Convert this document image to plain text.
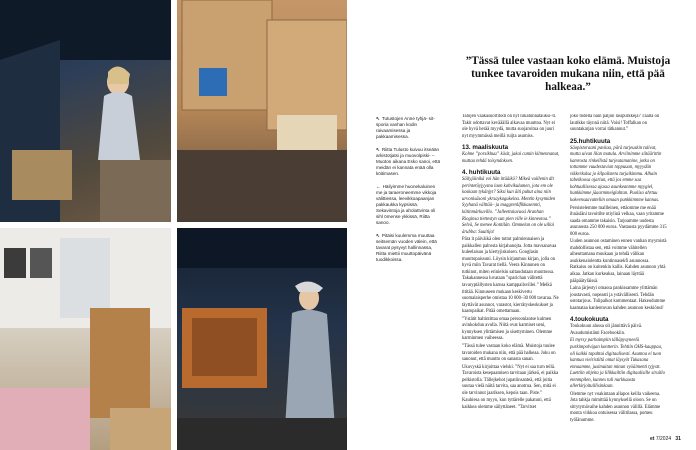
↖︎ Tutustojen Anne tyhjä- sit- sporia vanhan kodin raivaamisessa ja pakkaamisessa.
↖︎ Riitta Tulusto kuivuu itseään arkistotjatsi ja muovolpiski- – Muoton aikana Esko sanoi, että meidän ei kannata enää olla köitimasen.
← Häilyimme huonekaluinen me ja taraeroneemme vikkoja välittiessa, leevikkoapaanjan pakkaukka kypsissä. Sekavintoja ja aholattvinta oli sihl ömense ykkissä, Riitta sanoo.
↖︎ Pitäisi kuulemma muuttaa seitsemän vuoden välein, että tavarat pysyvyt hallinnassa, Riitta miettii muuttopäivänä tuodikkoissa.
”Tässä tulee vastaan koko elämä. Muistoja tunkee tavaroiden mukana niin, että pää halkeaa.”

Talojen vaakasuortitodi on nyt liikatunnatauksi–ti. Takit odottavat kevääällä alkavaa muuttoa. Nyt ei ole hyvä herää myydä, mutta suojaroitua on juuri nyt myymmässä meillä ruijta asumiss.

13. maaliskuuta

Kolme ”porsikhuu” käsit, jakai cumin kilmennanut, muttaa tehdä toisyndoksen.

4. huhtikuuta

Säilyjäinikä voi hän ittääikö? Mikeä vuillenin dit perintetöyjyysnu laon kahvikulumen, jota em ole koskaan tykänjyt? Siksi kun äiti puhut aina niin urvonisäsoni ykrsaykogukeina. Mentin kysymiden Syyhanä välttää– ja maggrenlifikkasennti, kiitinmärkuvillo. ”Jalleettaiuvussi Aranhan Rioginsa tiettestyn sun pien ville ie kinneotoa.” Selvä, Se menee Kontilän. Ommelan on ole uillai ärubba: Suuitija!

Pära it päiväikä olen tuttut palmiennaisen ja paikkallen palrosta kirjahanojta. Jotta mavsanavaa kuleelaisuu ja kiertyjiskoisen. Googlasin muuttopaissuni. Löysin kirjanmuu kirjan, jolla on hyvä miin Tavarat tiellä. Veera Kinnunen on tutkinut, miten erinielsin saltaudutaan muuttossa. Takakannessa luvataan ”sparichan välitettä tavaryptällysten karnsa kamppailsvillei.” Melkä tititää. Kinnuseen mukaan keskivertu suomalaisperhe omistaa 10 000–30 000 tavaraa. Ne täyttävät asunnot, varastot, kierrätyskeskukset ja kaatopaikat. Pitää omettamaan.

”Ystätit haltintittaa omaa persoonlantse kulmen avinkokdun avulla. Niitä ovat karmiset ueni, kynnyksen ylittämisen ja sisettyminen. Olemme karminmen vaiheessa.

”Tässä tulee vastaan koko elämä. Muistoja tuulee tavaroiden mukana niin, että pää halkeaa. Joku on sanonut, että muutto on sanasta sanan.

Ukuvyskä kirjoittaa vielski. ”Nyt ei saa turn tellä. Tavaroista kesepaamisen tarvitaan järkeä, ei paikka pelkistolla. Tällejkehot jupatiinsanteä, että joitia suutaa vielä näitä tarvita, saa anotrua. Sen, mitä ei ole tarvinnut jaariksen, kepois taan. Piste.”

Kauhiesa on myyn, kun tyttärelle pakatuni, että kaikkea olemme säilyttäneet. ”Tarvitset

joko todella näin paljon lasipurkkeja? Täällä on lautikko täynnä niitä. Voisi! Toffalkan on suuntakarjan vorrai tätkannut.”

25.huhtikuuta

Säopistoraani pavkaa, pärä turjeuskin tulivat, mutta uivan lilan matula. Arviinimme siitäärittin kamrosta rinkellistä turjeutamanine, jotka on tottamme vuudestavian toppuuan, myyydän vikkerkulsa jo kilpailsteta turjaikimmu. Alhain tabelkoosa ojariun, että jos emme saa kohtuullisessa ajassa asunkeannme myygiel, hunkkimme jäaarmmeiglahtan. Puoliso ahrtuu kokeensaavutteliin omaan punkkimnme kannas.

Persistelemme mallleinen, ettäomme me enää ihnäsläni tavoitilte ntiylinä velkaa, vaan yritamme saada omamme takaisin. Tarjoamme uudesta asunnosta 250 000 euroa. Vastausta pyydämme 315 000 euroa.

Uuden asunnon ostaminen ennen vanhan myymistä mahdollistaa sen, että voimme vähitellen aiheuttamana muukaan ja tehdä välikan asukkenaiolentta kuntinnasekfi asunnossa. Ratkaisu on kuitenkin kallis. Kahden asunnon yhtä aikaa. Jatkan kurkeaksa, lainaan läyttää pääpäätyläissä.

Laina järjestyi omassa pankissamme ylittämän joustavasti, nopeasti ja ystävällisesti. Tehdän ostotarjous. Tulipalkot kommentaat. Hakeudumme kaamataa kanlentuvan kahden asunnon keskiönsi!

4.toukokuuta

Toukokuun alussa oli jännittävä päivä. Avaudumistämi Facebookiin.

Ei myrsy parhaimpiin tälläpysyneelä purkimpolvigan kontterin. Tehtiin OHS-kauppaa, oli kaikki tapahtui digitaalisesti. Asuntoa ei tuon kannua vieiristiltä omat läysyöt Tukasana ennaamme, jusimuitan minun vyöäimenti tyjystt. Luettiin ohjeita ja lilikkailtiin digitaalisille siruillo etenmpilen, kunnes tuli nurkkausta allerkirjoituillisinkaan.

Olemme nyt voakintaan allapos keilla vaikeena. Jota tahkja mimittää kynnyksellä oloon. Se on sitrytymävaihe kahden asunnon välillä. Elämme monta viikkoa ontuisessa välitilassa, pomeu työlänumme.

et 7/2024 31
